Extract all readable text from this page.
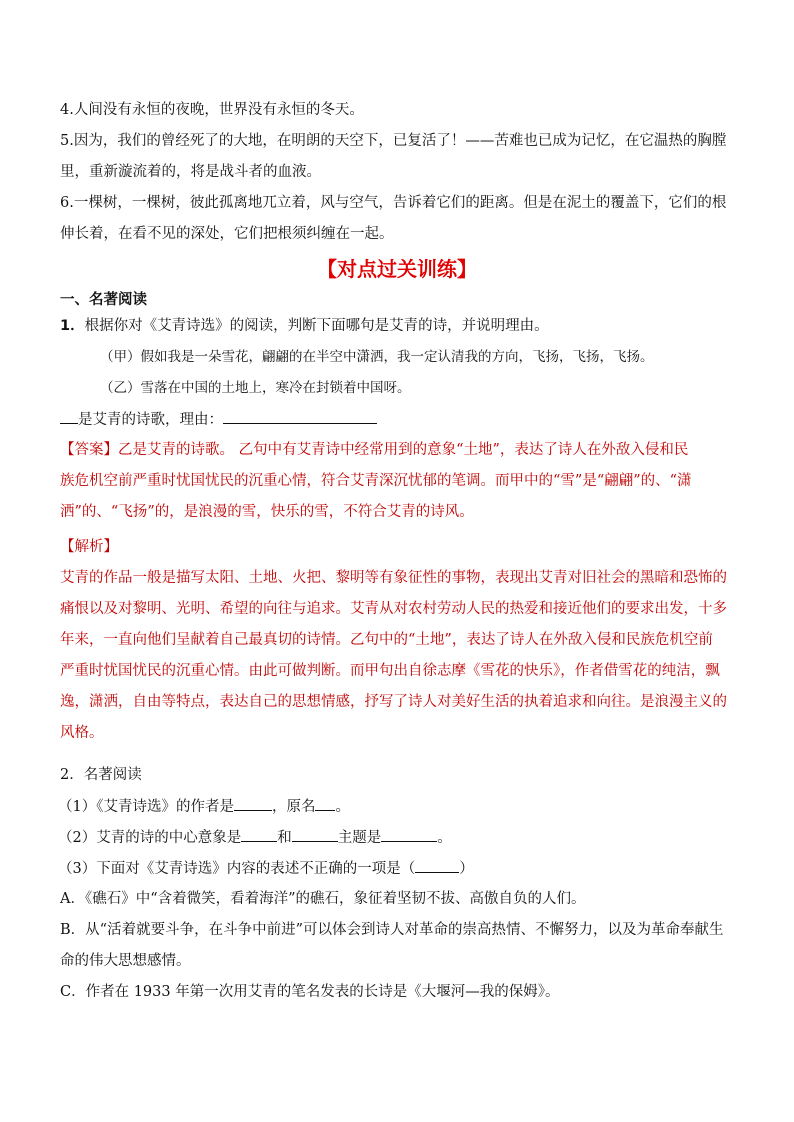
4.人间没有永恒的夜晚，世界没有永恒的冬天。
5.因为，我们的曾经死了的大地，在明朗的天空下，已复活了！——苦难也已成为记忆，在它温热的胸膛
里，重新漩流着的，将是战斗者的血液。
6.一棵树，一棵树，彼此孤离地兀立着，风与空气，告诉着它们的距离。但是在泥土的覆盖下，它们的根
伸长着，在看不见的深处，它们把根须纠缠在一起。
【对点过关训练】
一、名著阅读
1．根据你对《艾青诗选》的阅读，判断下面哪句是艾青的诗，并说明理由。
（甲）假如我是一朵雪花，翩翩的在半空中潇洒，我一定认清我的方向，飞扬，飞扬，飞扬。
（乙）雪落在中国的土地上，寒冷在封锁着中国呀。
是艾青的诗歌，理由：
【答案】乙是艾青的诗歌。 乙句中有艾青诗中经常用到的意象“土地”，表达了诗人在外敌入侵和民
族危机空前严重时忧国忧民的沉重心情，符合艾青深沉忧郁的笔调。而甲中的“雪”是“翩翩”的、“潇
洒”的、“飞扬”的，是浪漫的雪，快乐的雪，不符合艾青的诗风。
【解析】
艾青的作品一般是描写太阳、土地、火把、黎明等有象征性的事物，表现出艾青对旧社会的黑暗和恐怖的
痛恨以及对黎明、光明、希望的向往与追求。艾青从对农村劳动人民的热爱和接近他们的要求出发，十多
年来，一直向他们呈献着自己最真切的诗情。乙句中的“土地”，表达了诗人在外敌入侵和民族危机空前
严重时忧国忧民的沉重心情。由此可做判断。而甲句出自徐志摩《雪花的快乐》，作者借雪花的纯洁，飘
逸，潇洒，自由等特点，表达自己的思想情感，抒写了诗人对美好生活的执着追求和向往。是浪漫主义的
风格。
2．名著阅读
（1）《艾青诗选》的作者是	，原名 。
（2）艾青的诗的中心意象是 和	主题是	。
（3）下面对《艾青诗选》内容的表述不正确的一项是（	）
A．《礁石》中“含着微笑，看着海洋”的礁石，象征着坚韧不拔、高傲自负的人们。
B．从“活着就要斗争，在斗争中前进”可以体会到诗人对革命的崇高热情、不懈努力，以及为革命奉献生
命的伟大思想感情。
C．作者在 1933 年第一次用艾青的笔名发表的长诗是《大堰河—我的保姆》。
